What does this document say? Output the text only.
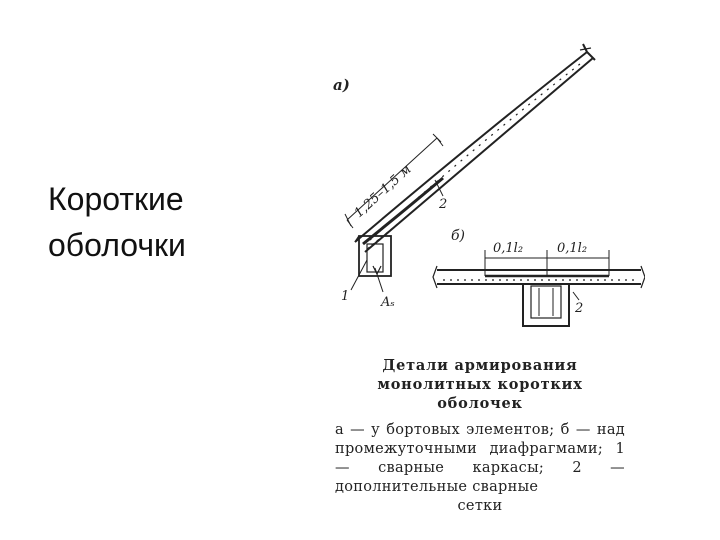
Короткие
оболочки
а)
б)
1,25–1,5 м
0,1l₂	0,1l₂
1 Aₛ
2
2
Детали армирования монолитных коротких оболочек
а — у бортовых элементов; б — над промежуточными диафрагмами; 1 — сварные каркасы; 2 — дополнительные сварные
сетки
